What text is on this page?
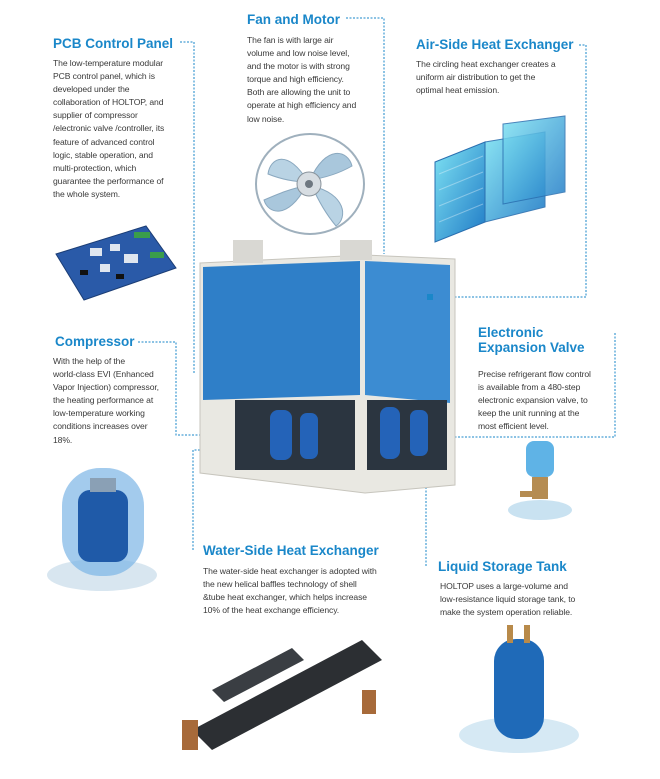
Fan and Motor

The fan is with large air

volume and low noise level,

and the motor is with strong

torque and high efficiency.

Both are allowing the unit to

operate at high efficiency and

low noise.

PCB Control Panel

The low-temperature modular

PCB control panel, which is

developed under the

collaboration of HOLTOP, and

supplier of compressor

/electronic valve /controller, its

feature of advanced control

logic, stable operation, and

multi-protection, which

guarantee the performance of

the whole system.

Air-Side Heat Exchanger

The circling heat exchanger creates a

uniform air distribution to get the

optimal heat emission.

Compressor

With the help of the

world-class EVI (Enhanced

Vapor Injection) compressor,

the heating performance at

low-temperature working

conditions increases over

18%.

Electronic
Expansion Valve

Precise refrigerant flow control

is available from a 480-step

electronic expansion valve, to

keep the unit running at the

most efficient level.

Water-Side Heat Exchanger

The water-side heat exchanger is adopted with

the new helical baffles technology of shell

&tube heat exchanger, which helps increase

10% of the heat exchange efficiency.

Liquid Storage Tank

HOLTOP uses a large-volume and

low-resistance liquid storage tank, to

make the system operation reliable.
